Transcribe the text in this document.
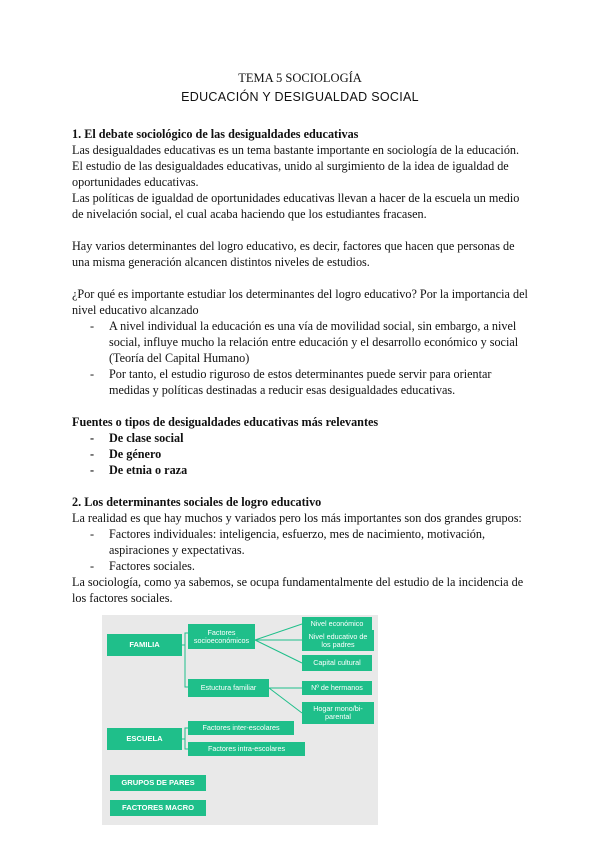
TEMA 5 SOCIOLOGÍA
EDUCACIÓN Y DESIGUALDAD SOCIAL

1. El debate sociológico de las desigualdades educativas

Las desigualdades educativas es un tema bastante importante en sociología de la educación.

El estudio de las desigualdades educativas, unido al surgimiento de la idea de igualdad de

oportunidades educativas.

Las políticas de igualdad de oportunidades educativas llevan a hacer de la escuela un medio

de nivelación social, el cual acaba haciendo que los estudiantes fracasen.

Hay varios determinantes del logro educativo, es decir, factores que hacen que personas de

una misma generación alcancen distintos niveles de estudios.

¿Por qué es importante estudiar los determinantes del logro educativo? Por la importancia del

nivel educativo alcanzado

- A nivel individual la educación es una vía de movilidad social, sin embargo, a nivel
social, influye mucho la relación entre educación y el desarrollo económico y social
(Teoría del Capital Humano)
- Por tanto, el estudio riguroso de estos determinantes puede servir para orientar
medidas y políticas destinadas a reducir esas desigualdades educativas.

Fuentes o tipos de desigualdades educativas más relevantes

- De clase social
- De género
- De etnia o raza

2. Los determinantes sociales de logro educativo

La realidad es que hay muchos y variados pero los más importantes son dos grandes grupos:

- Factores individuales: inteligencia, esfuerzo, mes de nacimiento, motivación,
aspiraciones y expectativas.
- Factores sociales.

La sociología, como ya sabemos, se ocupa fundamentalmente del estudio de la incidencia de

los factores sociales.

FAMILIA
Factores
socioeconómicos
Nivel económico
Nivel educativo de
los padres
Capital cultural
Estuctura familiar	Nº de hermanos
Hogar mono/bi-
parental
ESCUELA
Factores inter-escolares
Factores intra-escolares
GRUPOS DE PARES
FACTORES MACRO
